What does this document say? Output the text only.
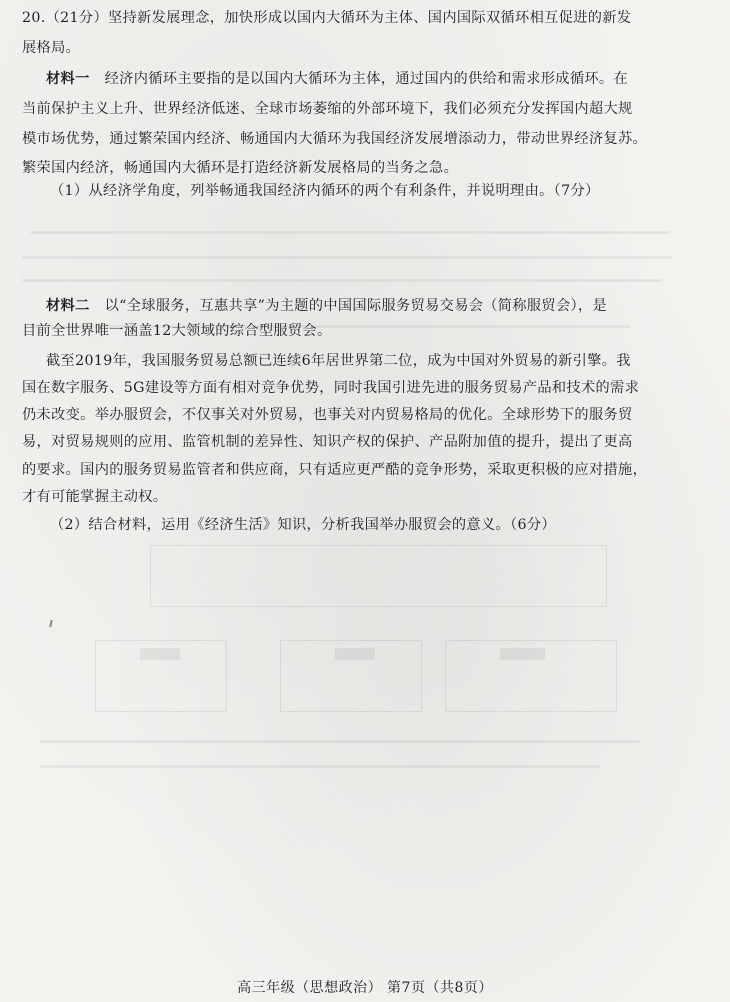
20.（21分）坚持新发展理念，加快形成以国内大循环为主体、国内国际双循环相互促进的新发
展格局。
材料一 经济内循环主要指的是以国内大循环为主体，通过国内的供给和需求形成循环。在
当前保护主义上升、世界经济低迷、全球市场萎缩的外部环境下，我们必须充分发挥国内超大规
模市场优势，通过繁荣国内经济、畅通国内大循环为我国经济发展增添动力，带动世界经济复苏。
繁荣国内经济，畅通国内大循环是打造经济新发展格局的当务之急。
（1）从经济学角度，列举畅通我国经济内循环的两个有利条件，并说明理由。（7分）
材料二 以“全球服务，互惠共享”为主题的中国国际服务贸易交易会（简称服贸会），是
目前全世界唯一涵盖12大领域的综合型服贸会。
截至2019年，我国服务贸易总额已连续6年居世界第二位，成为中国对外贸易的新引擎。我
国在数字服务、5G建设等方面有相对竞争优势，同时我国引进先进的服务贸易产品和技术的需求
仍未改变。举办服贸会，不仅事关对外贸易，也事关对内贸易格局的优化。全球形势下的服务贸
易，对贸易规则的应用、监管机制的差异性、知识产权的保护、产品附加值的提升，提出了更高
的要求。国内的服务贸易监管者和供应商，只有适应更严酷的竞争形势，采取更积极的应对措施，
才有可能掌握主动权。
（2）结合材料，运用《经济生活》知识，分析我国举办服贸会的意义。（6分）
高三年级（思想政治） 第7页（共8页）
